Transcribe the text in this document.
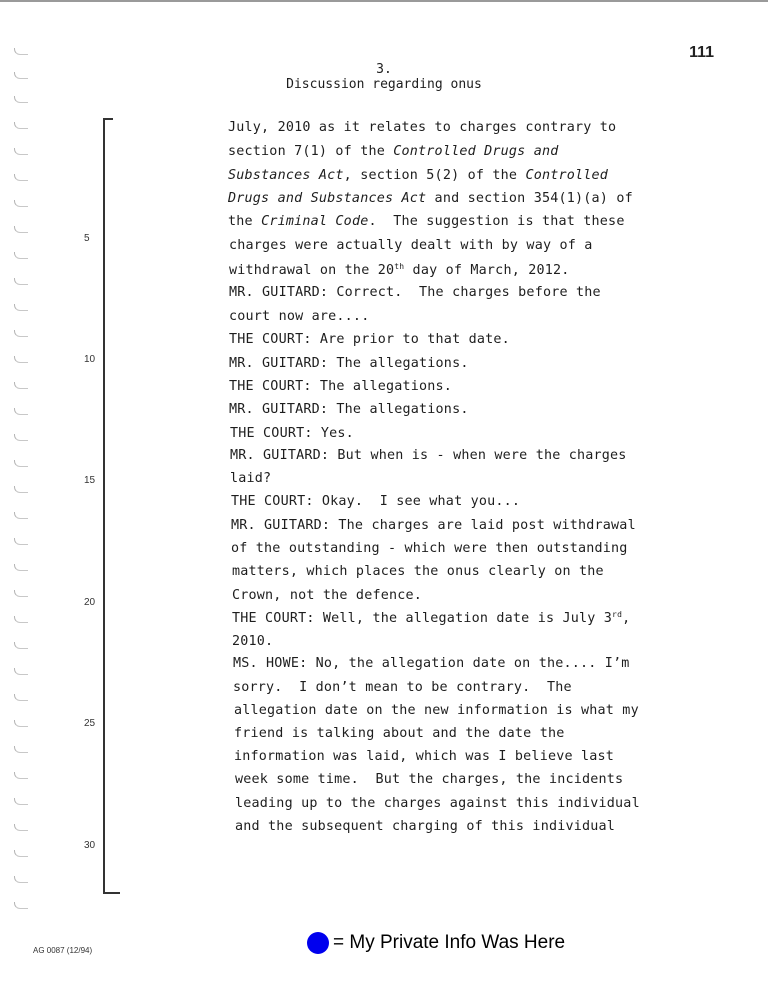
111
3.
Discussion regarding onus
5
10
15
20
25
30
July, 2010 as it relates to charges contrary to
section 7(1) of the Controlled Drugs and
Substances Act, section 5(2) of the Controlled
Drugs and Substances Act and section 354(1)(a) of
the Criminal Code.  The suggestion is that these
charges were actually dealt with by way of a
withdrawal on the 20th day of March, 2012.
MR. GUITARD: Correct.  The charges before the
court now are....
THE COURT: Are prior to that date.
MR. GUITARD: The allegations.
THE COURT: The allegations.
MR. GUITARD: The allegations.
THE COURT: Yes.
MR. GUITARD: But when is - when were the charges
laid?
THE COURT: Okay.  I see what you...
MR. GUITARD: The charges are laid post withdrawal
of the outstanding - which were then outstanding
matters, which places the onus clearly on the
Crown, not the defence.
THE COURT: Well, the allegation date is July 3rd,
2010.
MS. HOWE: No, the allegation date on the.... I’m
sorry.  I don’t mean to be contrary.  The
allegation date on the new information is what my
friend is talking about and the date the
information was laid, which was I believe last
week some time.  But the charges, the incidents
leading up to the charges against this individual
and the subsequent charging of this individual
AG 0087 (12/94)	= My Private Info Was Here
